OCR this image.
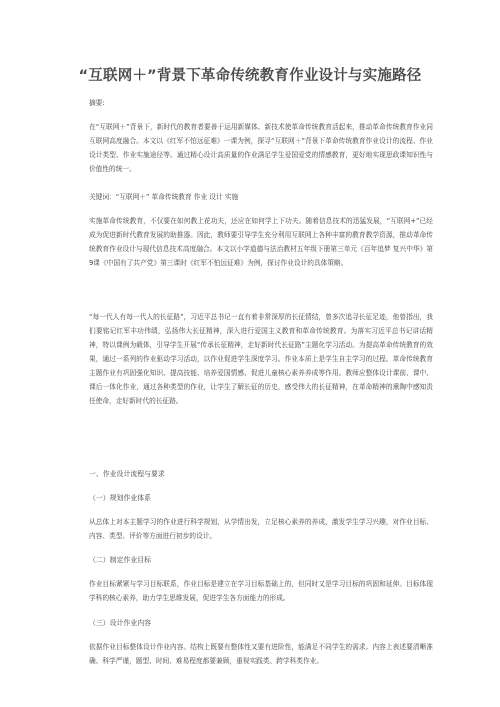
“互联网＋”背景下革命传统教育作业设计与实施路径

摘要:

在“互联网＋”背景下，新时代的教育者要善于运用新媒体、新技术使革命传统教育活起来，推动革命传统教育作业同互联网高度融合。本文以《红军不怕远征难》一课为例，探寻“互联网＋”背景下革命传统教育作业设计的流程、作业设计类型、作业实施途径等。通过精心设计高质量的作业满足学生爱国爱党的情感教育，更好地实现思政课知识性与价值性的统一。

关键词：“互联网＋” 革命传统教育 作业 设计 实施

实施革命传统教育，不仅要在如何教上花功夫，还应在如何学上下功夫。随着信息技术的迅猛发展，“互联网+”已经成为促进新时代教育发展的助推器。因此，教师要引导学生充分利用互联网上各种丰富的教育教学资源，推动革命传统教育作业设计与现代信息技术高度融合。本文以小学道德与法治教材五年级下册第三单元《百年追梦 复兴中华》第9课《中国有了共产党》第三课时《红军不怕远征难》为例，探讨作业设计的具体策略。

“每一代人有每一代人的长征路”，习近平总书记一直有着非常深厚的长征情结，曾多次追寻长征足迹，他曾指出，我们要铭记红军丰功伟绩，弘扬伟大长征精神，深入进行爱国主义教育和革命传统教育。为落实习近平总书记讲话精神，特以课例为载体，引导学生开展“传承长征精神，走好新时代长征路”主题化学习活动。为提高革命传统教育的效果，通过一系列的作业驱动学习活动，以作业促进学生深度学习。作业本质上是学生自主学习的过程。革命传统教育主题作业有巩固强化知识、提高技能、培养爱国情感、促进儿童核心素养养成等作用。教师应整体设计课前、课中、课后一体化作业，通过各种类型的作业，让学生了解长征的历史，感受伟大的长征精神，在革命精神的熏陶中感知责任使命，走好新时代的长征路。

一、作业设计流程与要求

（一）规划作业体系

从总体上对本主题学习的作业进行科学规划，从学情出发，立足核心素养的养成，激发学生学习兴趣，对作业目标、内容、类型、评价等方面进行初步的设计。

（二）制定作业目标

作业目标紧紧与学习目标联系，作业目标是建立在学习目标基础上的，但同时又是学习目标的巩固和延伸。目标体现学科的核心素养，助力学生思维发展，促进学生各方面能力的形成。

（三）设计作业内容

依据作业目标整体设计作业内容。结构上既要有整体性又要有进阶性，能满足不同学生的需求。内容上表述要清晰准确、科学严谨，题型、时间、难易程度都要兼顾，重视实践类、跨学科类作业。
